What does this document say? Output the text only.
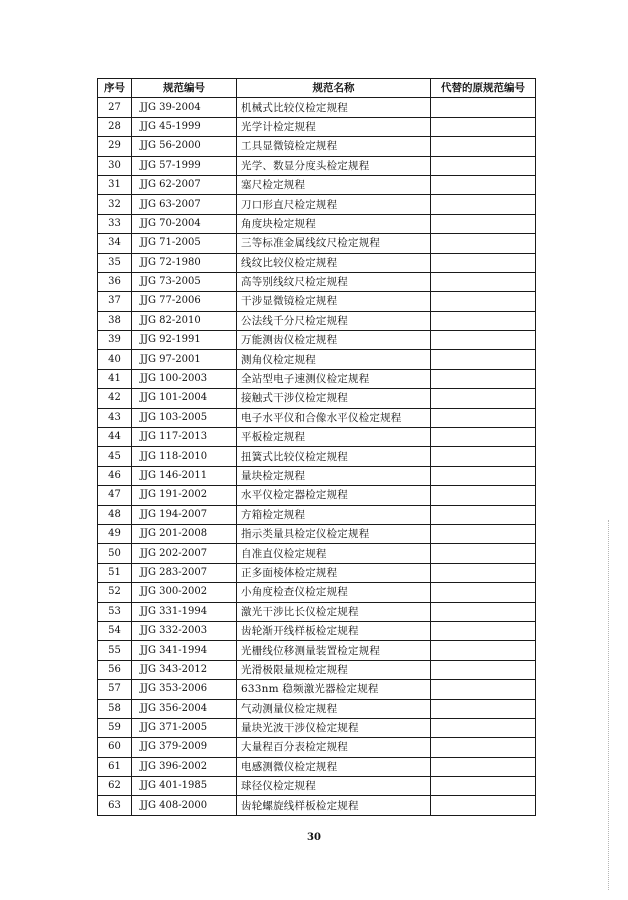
序号	规范编号	规范名称	代替的原规范编号
27	JJG 39-2004	机械式比较仪检定规程	
28	JJG 45-1999	光学计检定规程	
29	JJG 56-2000	工具显微镜检定规程	
30	JJG 57-1999	光学、数显分度头检定规程	
31	JJG 62-2007	塞尺检定规程	
32	JJG 63-2007	刀口形直尺检定规程	
33	JJG 70-2004	角度块检定规程	
34	JJG 71-2005	三等标准金属线纹尺检定规程	
35	JJG 72-1980	线纹比较仪检定规程	
36	JJG 73-2005	高等别线纹尺检定规程	
37	JJG 77-2006	干涉显微镜检定规程	
38	JJG 82-2010	公法线千分尺检定规程	
39	JJG 92-1991	万能测齿仪检定规程	
40	JJG 97-2001	测角仪检定规程	
41	JJG 100-2003	全站型电子速测仪检定规程	
42	JJG 101-2004	接触式干涉仪检定规程	
43	JJG 103-2005	电子水平仪和合像水平仪检定规程	
44	JJG 117-2013	平板检定规程	
45	JJG 118-2010	扭簧式比较仪检定规程	
46	JJG 146-2011	量块检定规程	
47	JJG 191-2002	水平仪检定器检定规程	
48	JJG 194-2007	方箱检定规程	
49	JJG 201-2008	指示类量具检定仪检定规程	
50	JJG 202-2007	自准直仪检定规程	
51	JJG 283-2007	正多面棱体检定规程	
52	JJG 300-2002	小角度检查仪检定规程	
53	JJG 331-1994	激光干涉比长仪检定规程	
54	JJG 332-2003	齿轮渐开线样板检定规程	
55	JJG 341-1994	光栅线位移测量装置检定规程	
56	JJG 343-2012	光滑极限量规检定规程	
57	JJG 353-2006	633nm 稳频激光器检定规程	
58	JJG 356-2004	气动测量仪检定规程	
59	JJG 371-2005	量块光波干涉仪检定规程	
60	JJG 379-2009	大量程百分表检定规程	
61	JJG 396-2002	电感测微仪检定规程	
62	JJG 401-1985	球径仪检定规程	
63	JJG 408-2000	齿轮螺旋线样板检定规程	
30
